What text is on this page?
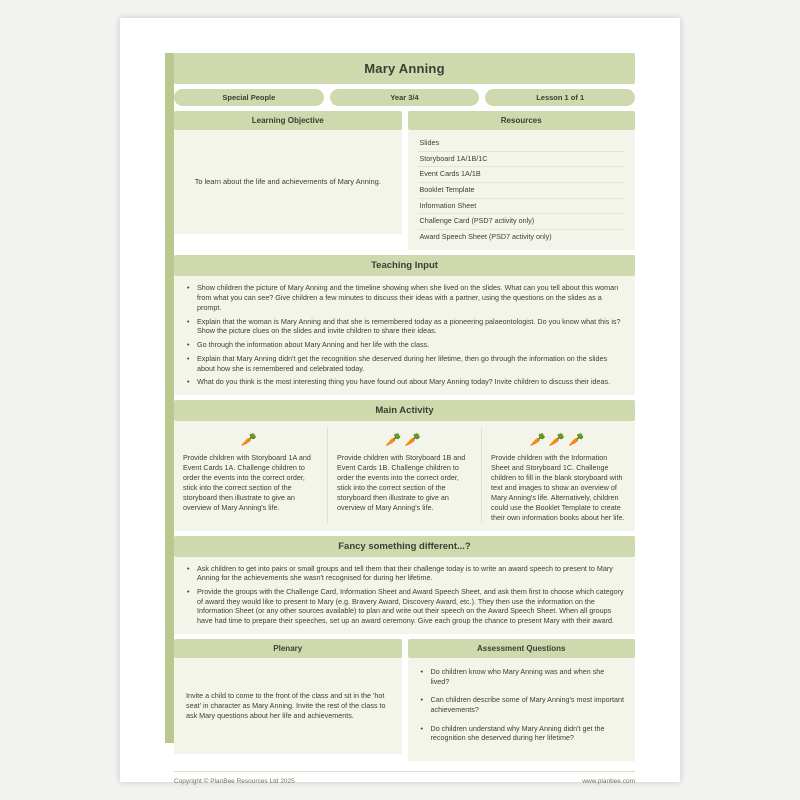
Mary Anning
Special People	Year 3/4	Lesson 1 of 1
Learning Objective	Resources
To learn about the life and achievements of Mary Anning.
Slides
Storyboard 1A/1B/1C
Event Cards 1A/1B
Booklet Template
Information Sheet
Challenge Card (PSD7 activity only)
Award Speech Sheet (PSD7 activity only)
Teaching Input
• Show children the picture of Mary Anning and the timeline showing when she lived on the slides. What can you tell about this woman from what you can see? Give children a few minutes to discuss their ideas with a partner, using the questions on the slides as a prompt.
• Explain that the woman is Mary Anning and that she is remembered today as a pioneering palaeontologist. Do you know what this is? Show the picture clues on the slides and invite children to share their ideas.
• Go through the information about Mary Anning and her life with the class.
• Explain that Mary Anning didn't get the recognition she deserved during her lifetime, then go through the information on the slides about how she is remembered and celebrated today.
• What do you think is the most interesting thing you have found out about Mary Anning today? Invite children to discuss their ideas.
Main Activity
🥕
Provide children with Storyboard 1A and Event Cards 1A. Challenge children to order the events into the correct order, stick into the correct section of the storyboard then illustrate to give an overview of Mary Anning's life.
🥕🥕
Provide children with Storyboard 1B and Event Cards 1B. Challenge children to order the events into the correct order, stick into the correct section of the storyboard then illustrate to give an overview of Mary Anning's life.
🥕🥕🥕
Provide children with the Information Sheet and Storyboard 1C. Challenge children to fill in the blank storyboard with text and images to show an overview of Mary Anning's life. Alternatively, children could use the Booklet Template to create their own information books about her life.
Fancy something different...?
• Ask children to get into pairs or small groups and tell them that their challenge today is to write an award speech to present to Mary Anning for the achievements she wasn't recognised for during her lifetime.
• Provide the groups with the Challenge Card, Information Sheet and Award Speech Sheet, and ask them first to choose which category of award they would like to present to Mary (e.g. Bravery Award, Discovery Award, etc.). They then use the information on the Information Sheet (or any other sources available) to plan and write out their speech on the Award Speech Sheet. When all groups have had time to prepare their speeches, set up an award ceremony. Give each group the chance to present Mary with their award.
Plenary	Assessment Questions
Invite a child to come to the front of the class and sit in the 'hot seat' in character as Mary Anning. Invite the rest of the class to ask Mary questions about her life and achievements.
• Do children know who Mary Anning was and when she lived?
• Can children describe some of Mary Anning's most important achievements?
• Do children understand why Mary Anning didn't get the recognition she deserved during her lifetime?
Copyright © PlanBee Resources Ltd 2025	www.planbee.com
